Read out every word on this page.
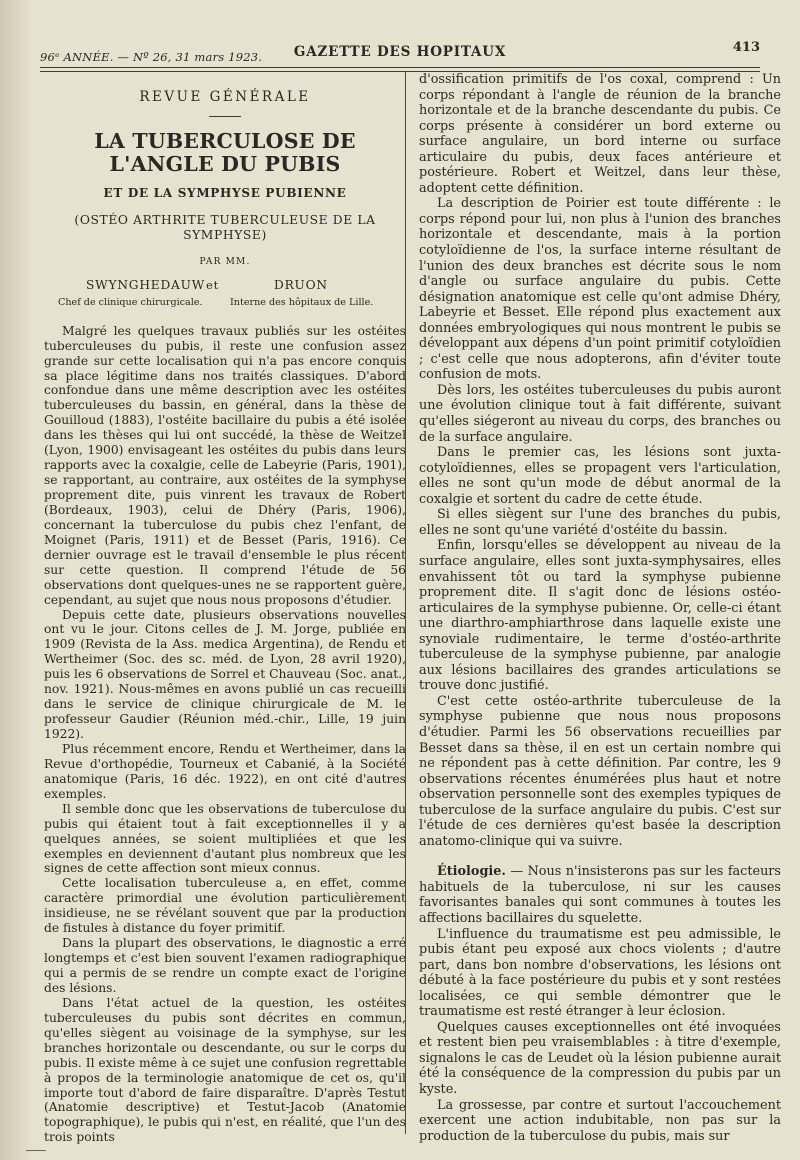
96ᵉ ANNÉE. — Nº 26, 31 mars 1923.	GAZETTE DES HOPITAUX	413
REVUE GÉNÉRALE
LA TUBERCULOSE DE L'ANGLE DU PUBIS
ET DE LA SYMPHYSE PUBIENNE
(OSTÉO ARTHRITE TUBERCULEUSE DE LA SYMPHYSE)
PAR MM.
SWYNGHEDAUW et	DRUON
Chef de clinique chirurgicale.	Interne des hôpitaux de Lille.

Malgré les quelques travaux publiés sur les ostéites tuberculeuses du pubis, il reste une confusion assez grande sur cette localisation qui n'a pas encore conquis sa place légitime dans nos traités classiques. D'abord confondue dans une même description avec les ostéites tuberculeuses du bassin, en général, dans la thèse de Gouilloud (1883), l'ostéite bacillaire du pubis a été isolée dans les thèses qui lui ont succédé, la thèse de Weitzel (Lyon, 1900) envisageant les ostéites du pubis dans leurs rapports avec la coxalgie, celle de Labeyrie (Paris, 1901), se rapportant, au contraire, aux ostéites de la symphyse proprement dite, puis vinrent les travaux de Robert (Bordeaux, 1903), celui de Dhéry (Paris, 1906), concernant la tuberculose du pubis chez l'enfant, de Moignet (Paris, 1911) et de Besset (Paris, 1916). Ce dernier ouvrage est le travail d'ensemble le plus récent sur cette question. Il comprend l'étude de 56 observations dont quelques-unes ne se rapportent guère, cependant, au sujet que nous nous proposons d'étudier.

Depuis cette date, plusieurs observations nouvelles ont vu le jour. Citons celles de J. M. Jorge, publiée en 1909 (Revista de la Ass. medica Argentina), de Rendu et Wertheimer (Soc. des sc. méd. de Lyon, 28 avril 1920), puis les 6 observations de Sorrel et Chauveau (Soc. anat., nov. 1921). Nous-mêmes en avons publié un cas recueilli dans le service de clinique chirurgicale de M. le professeur Gaudier (Réunion méd.-chir., Lille, 19 juin 1922).

Plus récemment encore, Rendu et Wertheimer, dans la Revue d'orthopédie, Tourneux et Cabanié, à la Société anatomique (Paris, 16 déc. 1922), en ont cité d'autres exemples.

Il semble donc que les observations de tuberculose du pubis qui étaient tout à fait exceptionnelles il y a quelques années, se soient multipliées et que les exemples en deviennent d'autant plus nombreux que les signes de cette affection sont mieux connus.

Cette localisation tuberculeuse a, en effet, comme caractère primordial une évolution particulièrement insidieuse, ne se révélant souvent que par la production de fistules à distance du foyer primitif.

Dans la plupart des observations, le diagnostic a erré longtemps et c'est bien souvent l'examen radiographique qui a permis de se rendre un compte exact de l'origine des lésions.

Dans l'état actuel de la question, les ostéites tuberculeuses du pubis sont décrites en commun, qu'elles siègent au voisinage de la symphyse, sur les branches horizontale ou descendante, ou sur le corps du pubis. Il existe même à ce sujet une confusion regrettable à propos de la terminologie anatomique de cet os, qu'il importe tout d'abord de faire disparaître. D'après Testut (Anatomie descriptive) et Testut-Jacob (Anatomie topographique), le pubis qui n'est, en réalité, que l'un des trois points

d'ossification primitifs de l'os coxal, comprend : Un corps répondant à l'angle de réunion de la branche horizontale et de la branche descendante du pubis. Ce corps présente à considérer un bord externe ou surface angulaire, un bord interne ou surface articulaire du pubis, deux faces antérieure et postérieure. Robert et Weitzel, dans leur thèse, adoptent cette définition.

La description de Poirier est toute différente : le corps répond pour lui, non plus à l'union des branches horizontale et descendante, mais à la portion cotyloïdienne de l'os, la surface interne résultant de l'union des deux branches est décrite sous le nom d'angle ou surface angulaire du pubis. Cette désignation anatomique est celle qu'ont admise Dhéry, Labeyrie et Besset. Elle répond plus exactement aux données embryologiques qui nous montrent le pubis se développant aux dépens d'un point primitif cotyloïdien ; c'est celle que nous adopterons, afin d'éviter toute confusion de mots.

Dès lors, les ostéites tuberculeuses du pubis auront une évolution clinique tout à fait différente, suivant qu'elles siégeront au niveau du corps, des branches ou de la surface angulaire.

Dans le premier cas, les lésions sont juxta-cotyloïdiennes, elles se propagent vers l'articulation, elles ne sont qu'un mode de début anormal de la coxalgie et sortent du cadre de cette étude.

Si elles siègent sur l'une des branches du pubis, elles ne sont qu'une variété d'ostéite du bassin.

Enfin, lorsqu'elles se développent au niveau de la surface angulaire, elles sont juxta-symphysaires, elles envahissent tôt ou tard la symphyse pubienne proprement dite. Il s'agit donc de lésions ostéo-articulaires de la symphyse pubienne. Or, celle-ci étant une diarthro-amphiarthrose dans laquelle existe une synoviale rudimentaire, le terme d'ostéo-arthrite tuberculeuse de la symphyse pubienne, par analogie aux lésions bacillaires des grandes articulations se trouve donc justifié.

C'est cette ostéo-arthrite tuberculeuse de la symphyse pubienne que nous nous proposons d'étudier. Parmi les 56 observations recueillies par Besset dans sa thèse, il en est un certain nombre qui ne répondent pas à cette définition. Par contre, les 9 observations récentes énumérées plus haut et notre observation personnelle sont des exemples typiques de tuberculose de la surface angulaire du pubis. C'est sur l'étude de ces dernières qu'est basée la description anatomo-clinique qui va suivre.

Étiologie. — Nous n'insisterons pas sur les facteurs habituels de la tuberculose, ni sur les causes favorisantes banales qui sont communes à toutes les affections bacillaires du squelette.

L'influence du traumatisme est peu admissible, le pubis étant peu exposé aux chocs violents ; d'autre part, dans bon nombre d'observations, les lésions ont débuté à la face postérieure du pubis et y sont restées localisées, ce qui semble démontrer que le traumatisme est resté étranger à leur éclosion.

Quelques causes exceptionnelles ont été invoquées et restent bien peu vraisemblables : à titre d'exemple, signalons le cas de Leudet où la lésion pubienne aurait été la conséquence de la compression du pubis par un kyste.

La grossesse, par contre et surtout l'accouchement exercent une action indubitable, non pas sur la production de la tuberculose du pubis, mais sur
